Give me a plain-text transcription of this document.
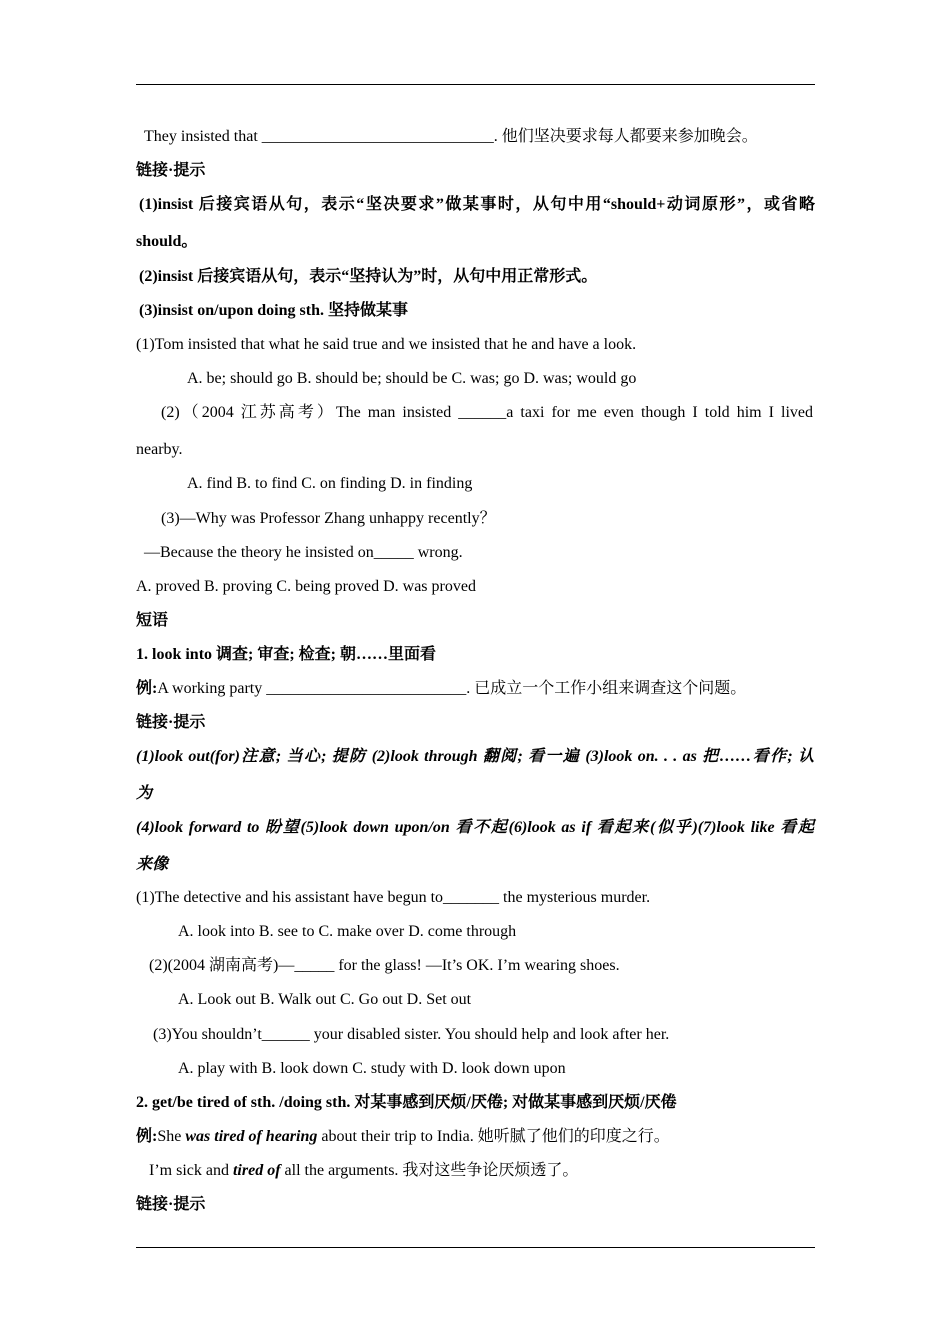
They insisted that _____________________________. 他们坚决要求每人都要来参加晚会。
链接·提示
(1)insist 后接宾语从句，表示“坚决要求”做某事时，从句中用“should+动词原形”，或省略
should。
(2)insist 后接宾语从句，表示“坚持认为”时，从句中用正常形式。
(3)insist on/upon doing sth. 坚持做某事
(1)Tom insisted that what he said true and we insisted that he and have a look.
A. be; should go B. should be; should be C. was; go D. was; would go
(2)（2004 江苏高考）The man insisted ______a taxi for me even though I told him I lived
nearby.
A. find B. to find C. on finding D. in finding
(3)—Why was Professor Zhang unhappy recently？
—Because the theory he insisted on_____ wrong.
A. proved B. proving C. being proved D. was proved
短语
1. look into 调查; 审查; 检查; 朝……里面看
例:A working party _________________________. 已成立一个工作小组来调查这个问题。
链接·提示
(1)look out(for)注意; 当心; 提防 (2)look through 翻阅; 看一遍 (3)look on. . . as 把……看作; 认
为
(4)look forward to 盼望(5)look down upon/on 看不起(6)look as if 看起来(似乎)(7)look like 看起
来像
(1)The detective and his assistant have begun to_______ the mysterious murder.
A. look into B. see to C. make over D. come through
(2)(2004 湖南高考)—_____ for the glass! —It’s OK. I’m wearing shoes.
A. Look out B. Walk out C. Go out D. Set out
(3)You shouldn’t______ your disabled sister. You should help and look after her.
A. play with B. look down C. study with D. look down upon
2. get/be tired of sth. /doing sth. 对某事感到厌烦/厌倦; 对做某事感到厌烦/厌倦
例:She was tired of hearing about their trip to India. 她听腻了他们的印度之行。
I’m sick and tired of all the arguments. 我对这些争论厌烦透了。
链接·提示
